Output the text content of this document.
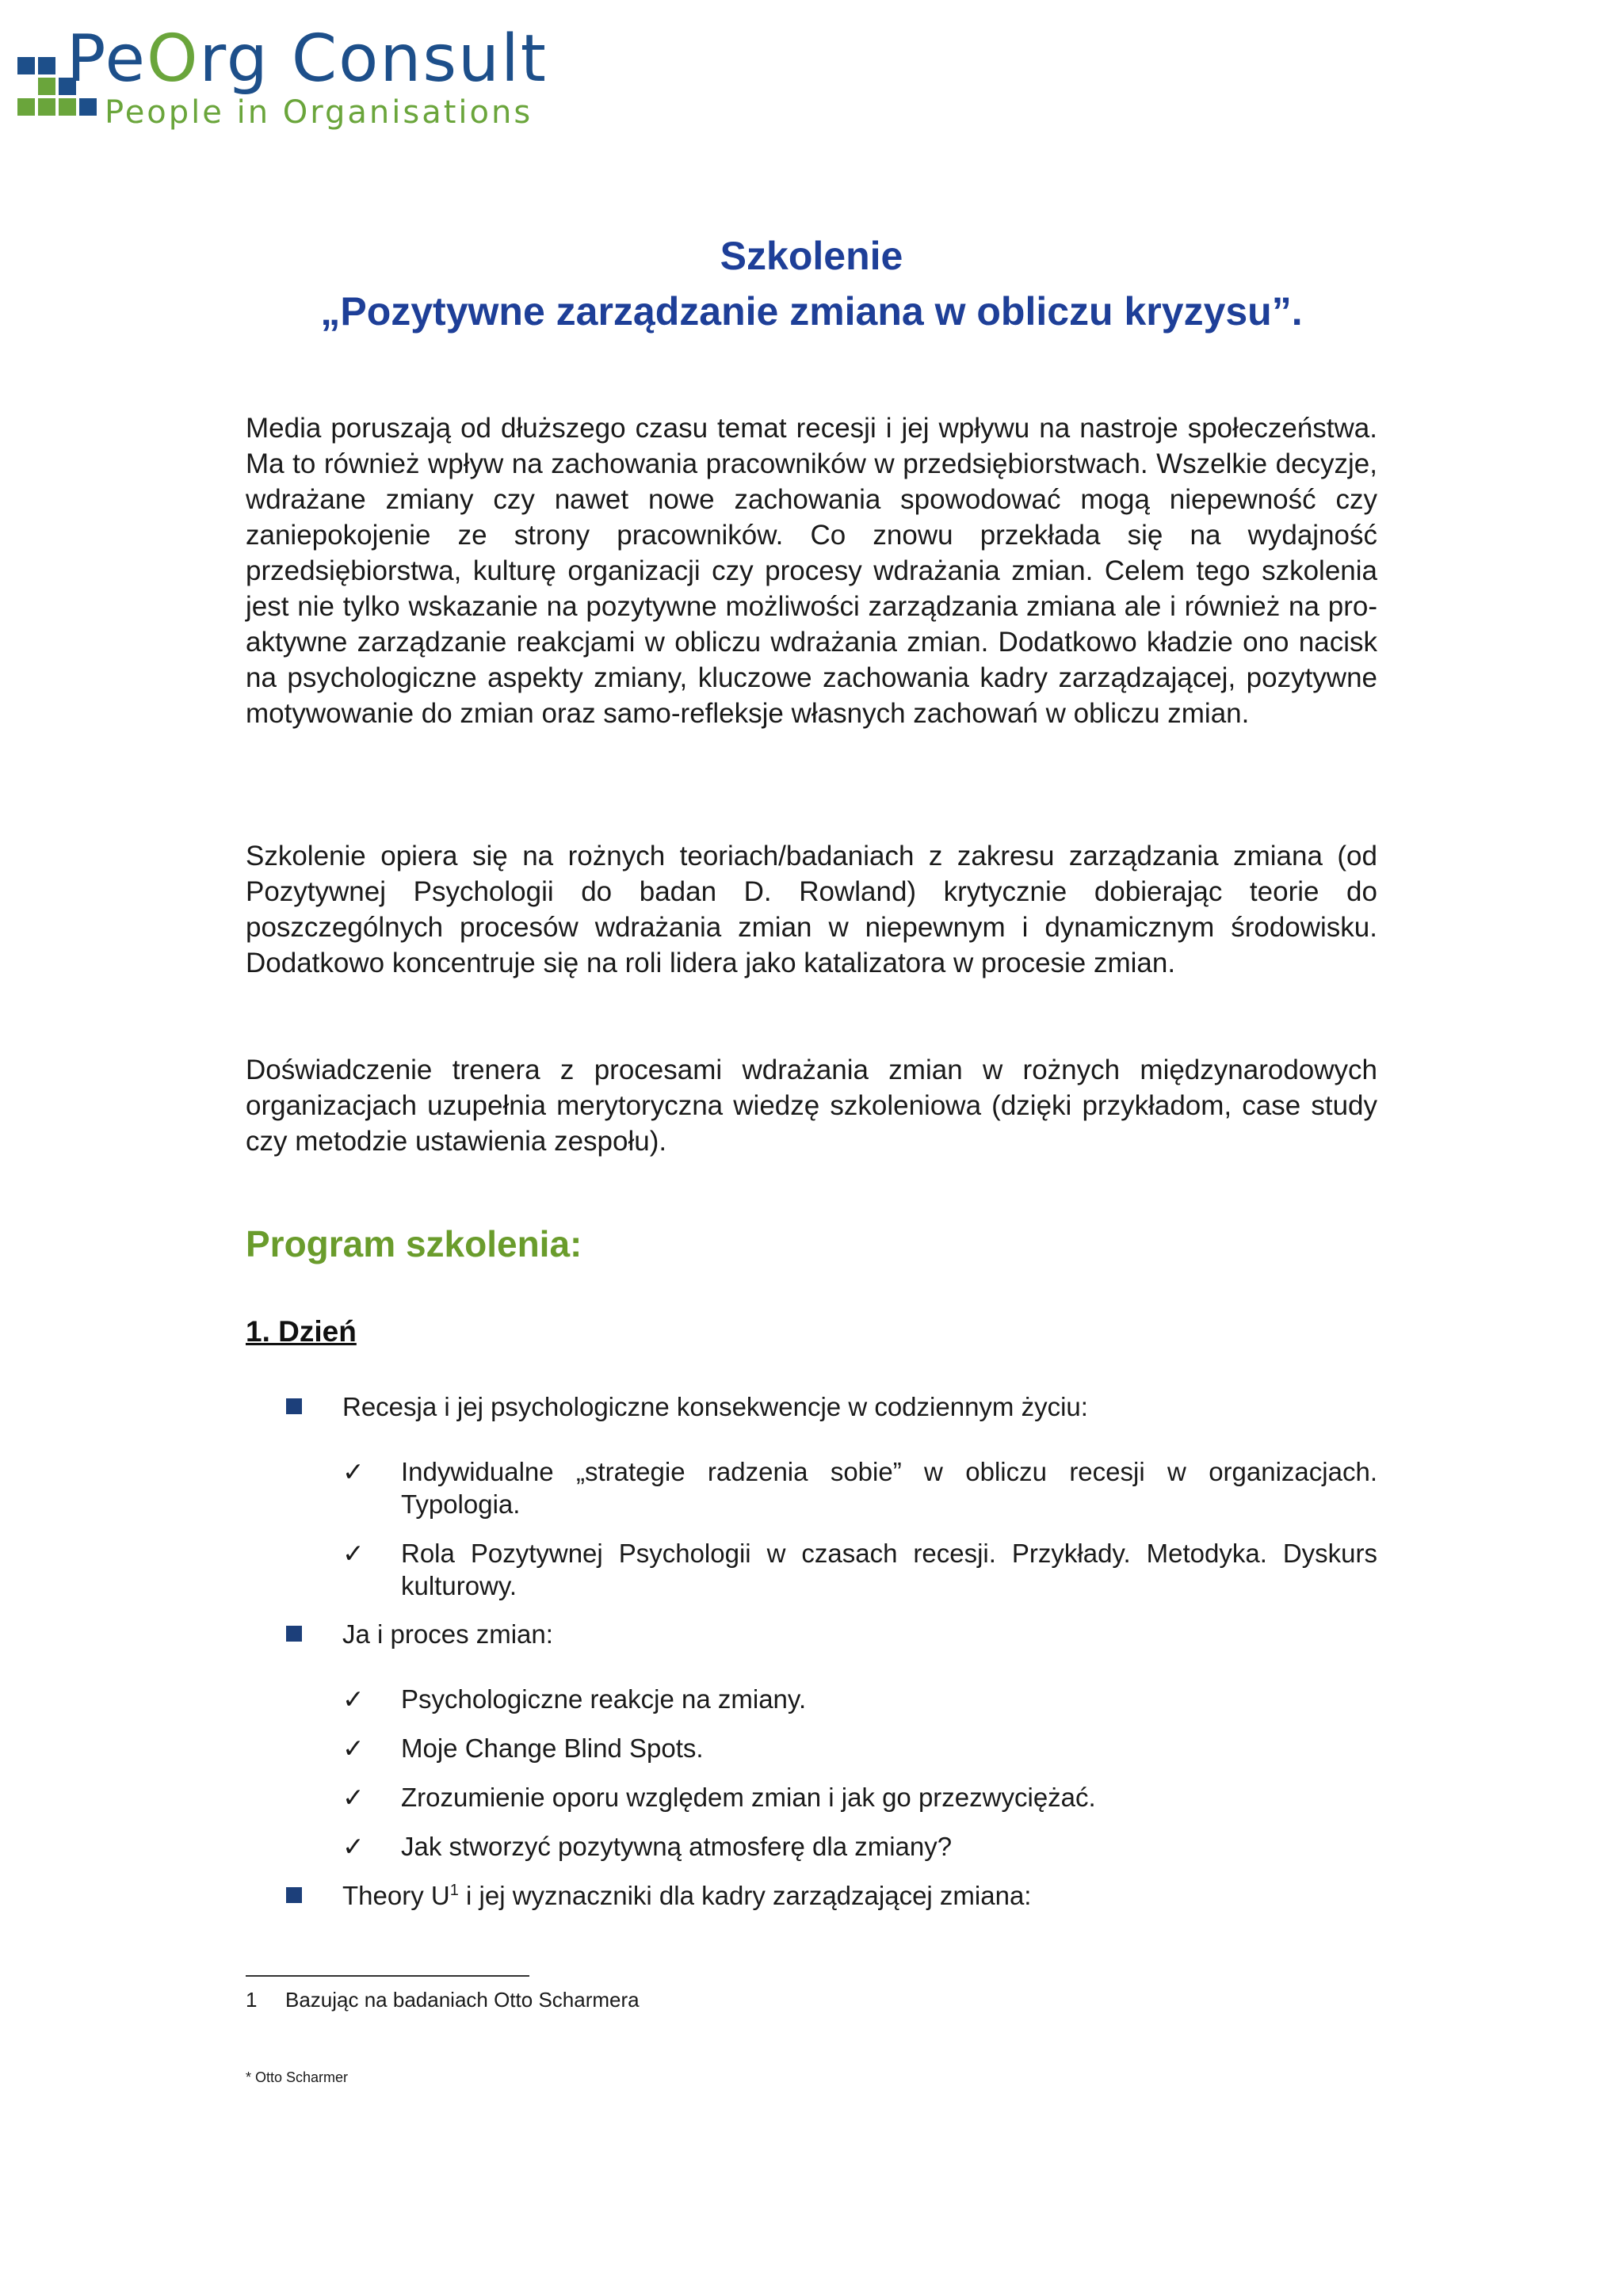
PeOrg Consult
People in Organisations
Szkolenie
„Pozytywne zarządzanie zmiana w obliczu kryzysu”.
Media poruszają od dłuższego czasu temat recesji i jej wpływu na nastroje społeczeństwa. Ma to również wpływ na zachowania pracowników w przedsiębiorstwach. Wszelkie decyzje, wdrażane zmiany czy nawet nowe zachowania spowodować mogą niepewność czy zaniepokojenie ze strony pracowników. Co znowu przekłada się na wydajność przedsiębiorstwa, kulturę organizacji czy procesy wdrażania zmian. Celem tego szkolenia jest nie tylko wskazanie na pozytywne możliwości zarządzania zmiana ale i również na pro-aktywne zarządzanie reakcjami w obliczu wdrażania zmian. Dodatkowo kładzie ono nacisk na psychologiczne aspekty zmiany, kluczowe zachowania kadry zarządzającej, pozytywne motywowanie do zmian oraz samo-refleksje własnych zachowań w obliczu zmian.
Szkolenie opiera się na rożnych teoriach/badaniach z zakresu zarządzania zmiana (od Pozytywnej Psychologii do badan D. Rowland) krytycznie dobierając teorie do poszczególnych procesów wdrażania zmian w niepewnym i dynamicznym środowisku. Dodatkowo koncentruje się na roli lidera jako katalizatora w procesie zmian.
Doświadczenie trenera z procesami wdrażania zmian w rożnych międzynarodowych organizacjach uzupełnia merytoryczna wiedzę szkoleniowa (dzięki przykładom, case study czy metodzie ustawienia zespołu).
Program szkolenia:
1. Dzień
Recesja i jej psychologiczne konsekwencje w codziennym życiu:
✓ Indywidualne „strategie radzenia sobie” w obliczu recesji w organizacjach. Typologia.
✓ Rola Pozytywnej Psychologii w czasach recesji. Przykłady. Metodyka. Dyskurs kulturowy.
Ja i proces zmian:
✓ Psychologiczne reakcje na zmiany.
✓ Moje Change Blind Spots.
✓ Zrozumienie oporu względem zmian i jak go przezwyciężać.
✓ Jak stworzyć pozytywną atmosferę dla zmiany?
Theory $U^1$ i jej wyznaczniki dla kadry zarządzającej zmiana:
1 Bazując na badaniach Otto Scharmera
* Otto Scharmer
